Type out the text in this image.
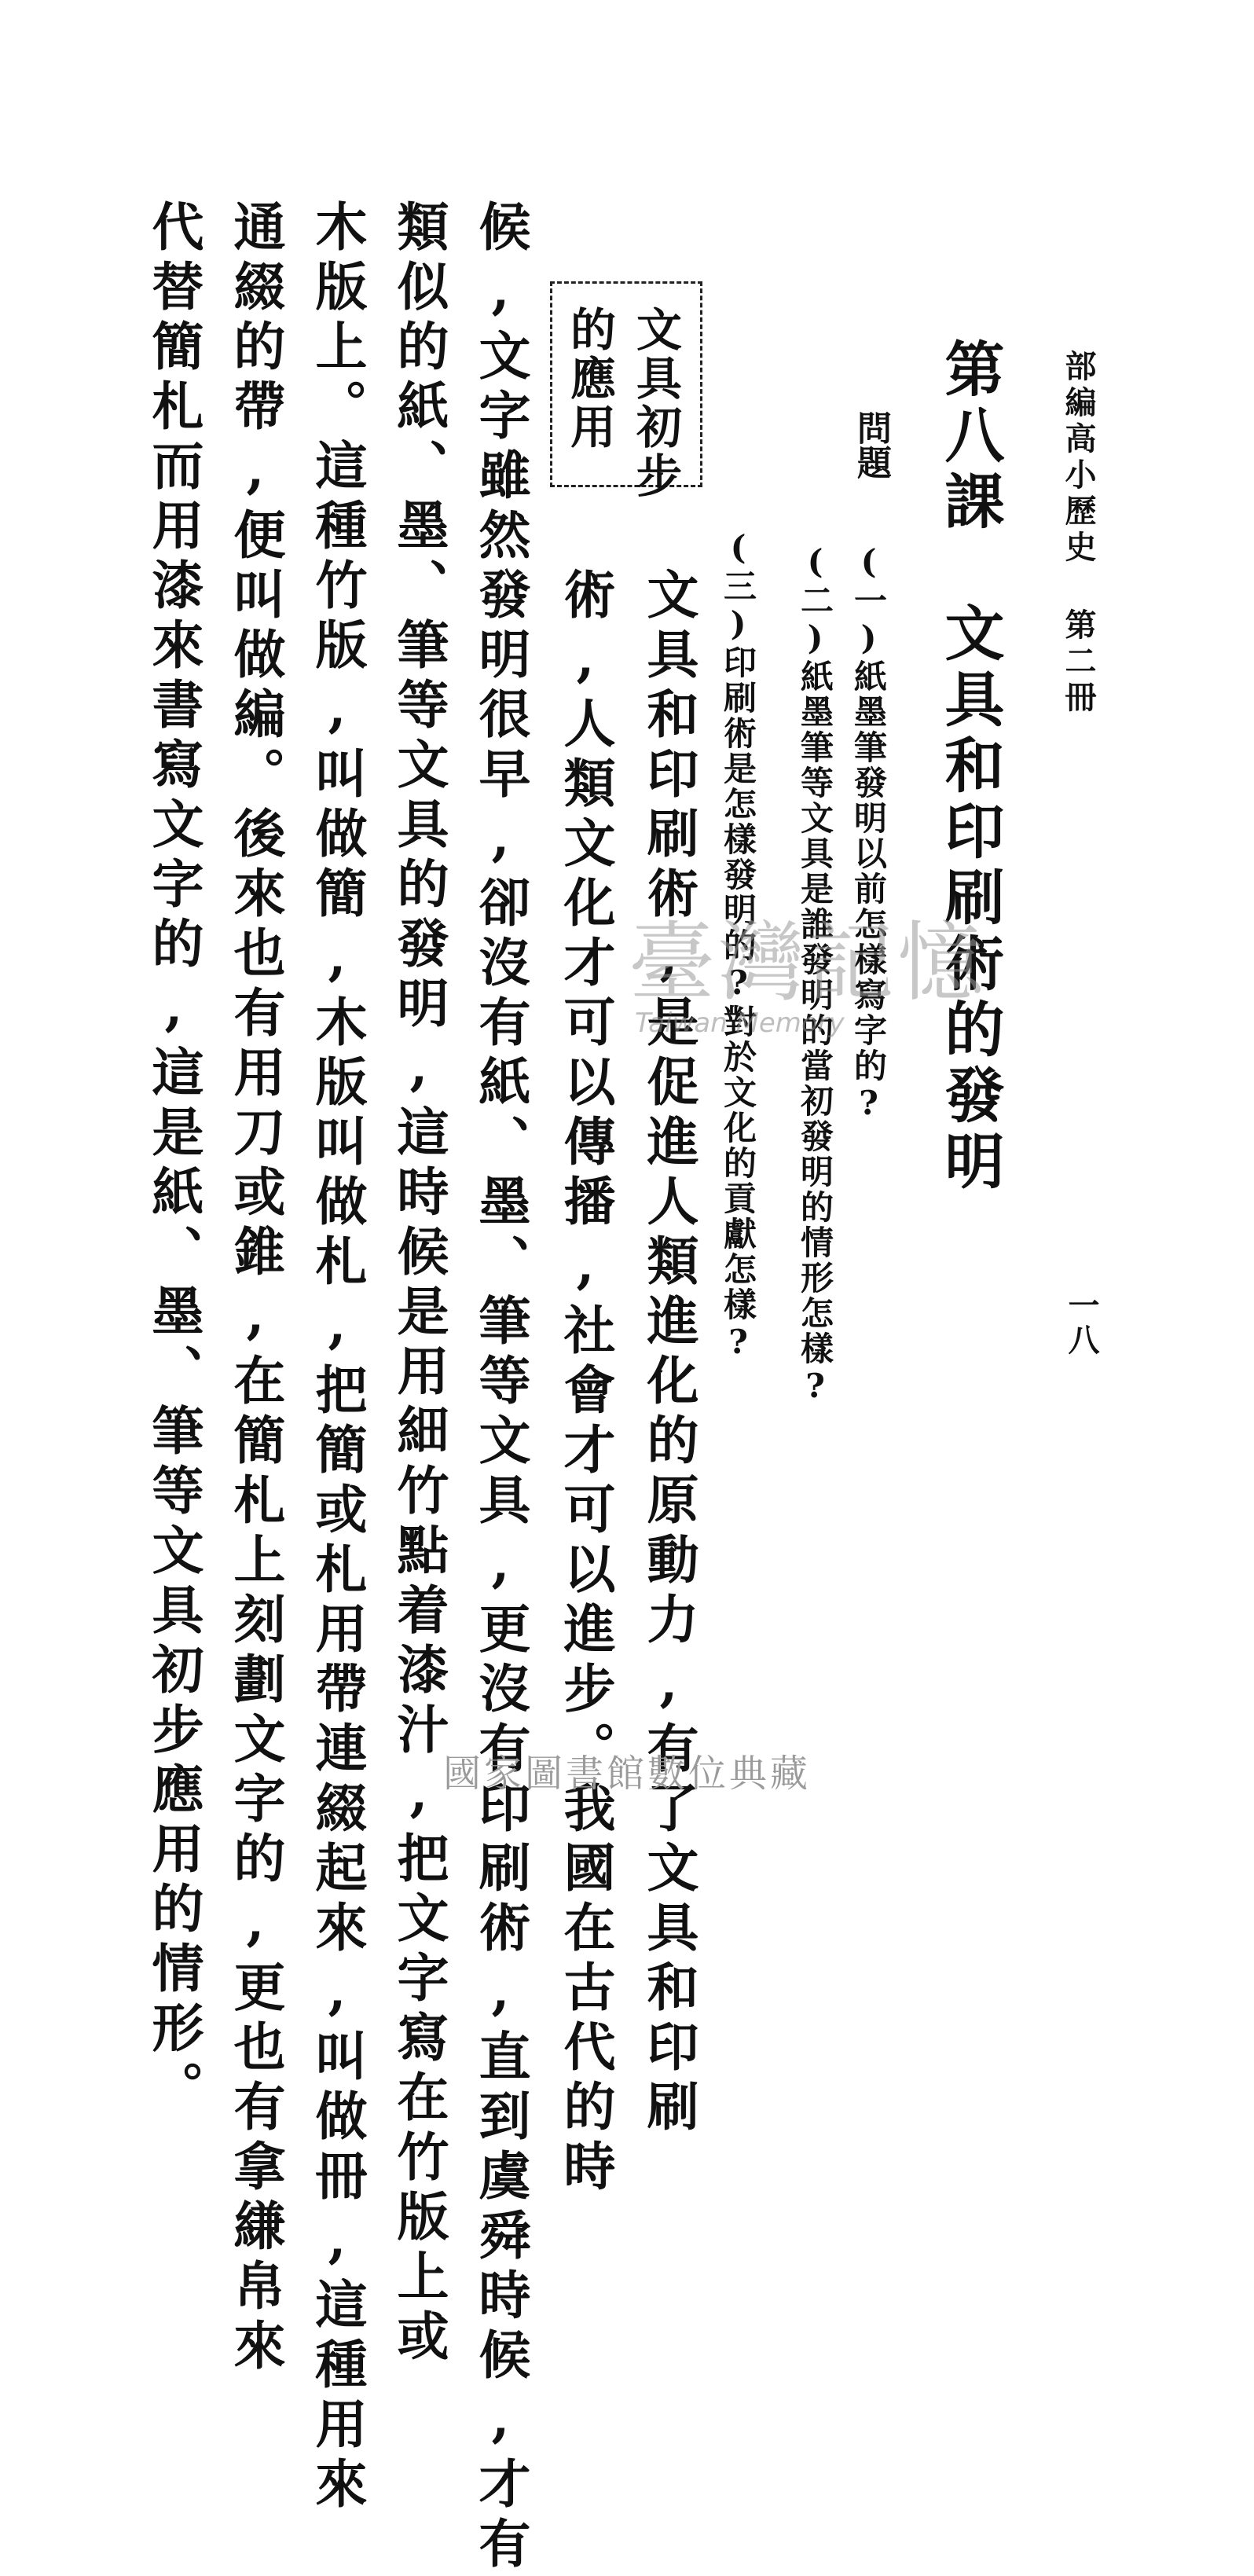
部編高小歷史 第二冊
一八
第八課　文具和印刷術的發明
問題
(一)紙墨筆發明以前怎樣寫字的?
(二)紙墨筆等文具是誰發明的當初發明的情形怎樣?
(三)印刷術是怎樣發明的?對於文化的貢獻怎樣?
文具初步
的應用
文具和印刷術,是促進人類進化的原動力,有了文具和印刷
術,人類文化才可以傳播,社會才可以進步。我國在古代的時
候,文字雖然發明很早,卻沒有紙、墨、筆等文具,更沒有印刷術,直到虞舜時候,才有
類似的紙、墨、筆等文具的發明,這時候是用細竹點着漆汁,把文字寫在竹版上或
木版上。這種竹版,叫做簡,木版叫做札,把簡或札用帶連綴起來,叫做冊,這種用來
通綴的帶,便叫做編。後來也有用刀或錐,在簡札上刻劃文字的,更也有拿縑帛來
代替簡札而用漆來書寫文字的,這是紙、墨、筆等文具初步應用的情形。	臺灣記憶
Taiwan Memory
國家圖書館數位典藏
